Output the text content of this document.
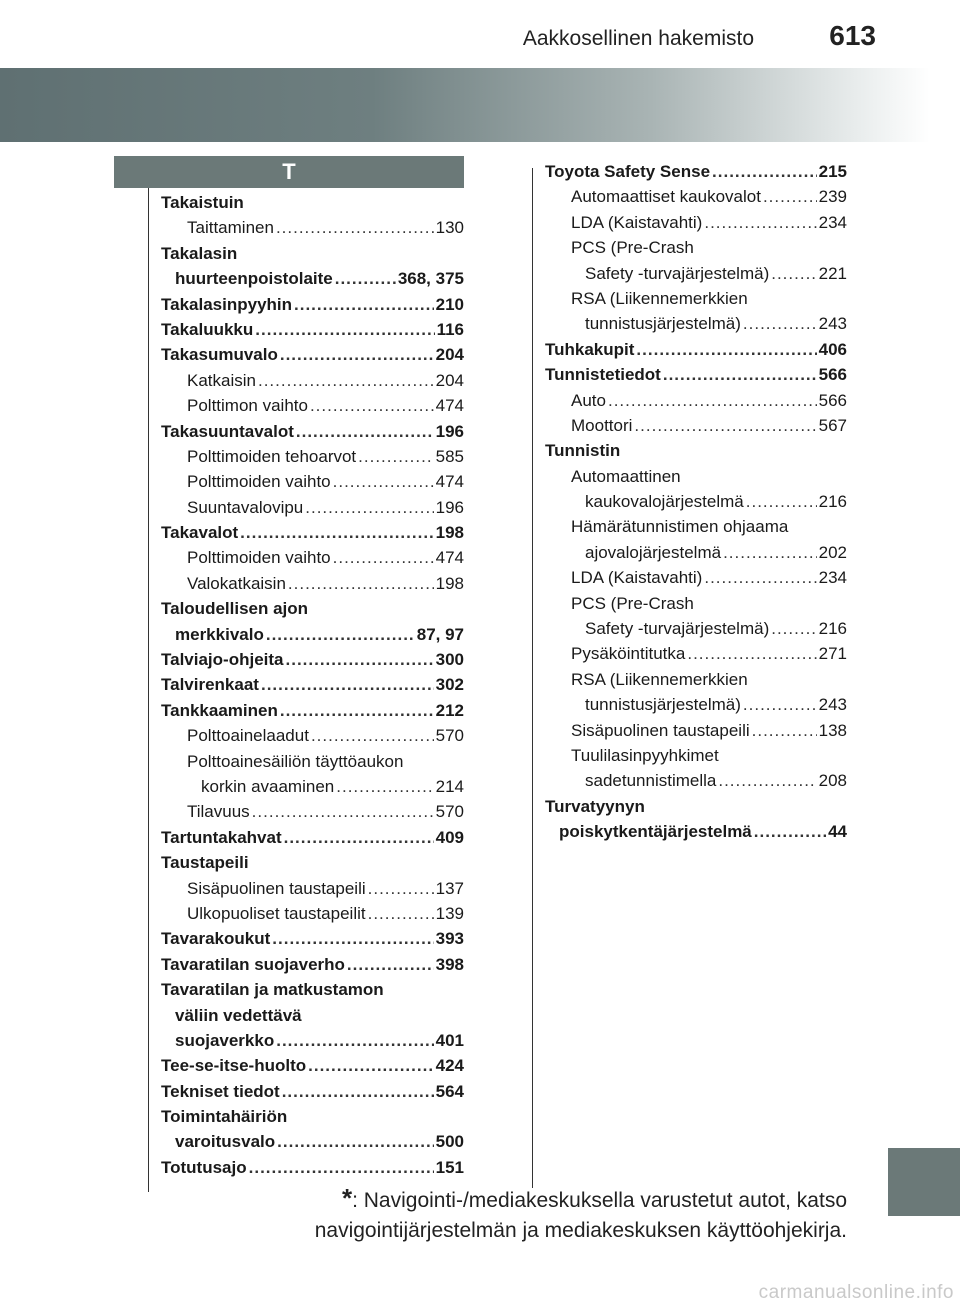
Aakkosellinen hakemisto	613
T
Takaistuin
Taittaminen .....	130
Takalasin
huurteenpoistolaite .....	368, 375
Takalasinpyyhin .....	210
Takaluukku .....	116
Takasumuvalo .....	204
Katkaisin .....	204
Polttimon vaihto .....	474
Takasuuntavalot .....	196
Polttimoiden tehoarvot .....	585
Polttimoiden vaihto .....	474
Suuntavalovipu .....	196
Takavalot .....	198
Polttimoiden vaihto .....	474
Valokatkaisin .....	198
Taloudellisen ajon
merkkivalo .....	87, 97
Talviajo-ohjeita .....	300
Talvirenkaat .....	302
Tankkaaminen .....	212
Polttoainelaadut .....	570
Polttoainesäiliön täyttöaukon
korkin avaaminen .....	214
Tilavuus .....	570
Tartuntakahvat .....	409
Taustapeili
Sisäpuolinen taustapeili .....	137
Ulkopuoliset taustapeilit .....	139
Tavarakoukut .....	393
Tavaratilan suojaverho .....	398
Tavaratilan ja matkustamon
väliin vedettävä
suojaverkko .....	401
Tee-se-itse-huolto .....	424
Tekniset tiedot .....	564
Toimintahäiriön
varoitusvalo .....	500
Totutusajo .....	151
Toyota Safety Sense .....	215
Automaattiset kaukovalot .....	239
LDA (Kaistavahti) .....	234
PCS (Pre-Crash
Safety -turvajärjestelmä) .....	221
RSA (Liikennemerkkien
tunnistusjärjestelmä) .....	243
Tuhkakupit .....	406
Tunnistetiedot .....	566
Auto .....	566
Moottori .....	567
Tunnistin
Automaattinen
kaukovalojärjestelmä .....	216
Hämärätunnistimen ohjaama
ajovalojärjestelmä .....	202
LDA (Kaistavahti) .....	234
PCS (Pre-Crash
Safety -turvajärjestelmä) .....	216
Pysäköintitutka .....	271
RSA (Liikennemerkkien
tunnistusjärjestelmä) .....	243
Sisäpuolinen taustapeili .....	138
Tuulilasinpyyhkimet
sadetunnistimella .....	208
Turvatyynyn
poiskytkentäjärjestelmä .....	44
*: Navigointi-/mediakeskuksella varustetut autot, katso
navigointijärjestelmän ja mediakeskuksen käyttöohjekirja.
carmanualsonline.info
